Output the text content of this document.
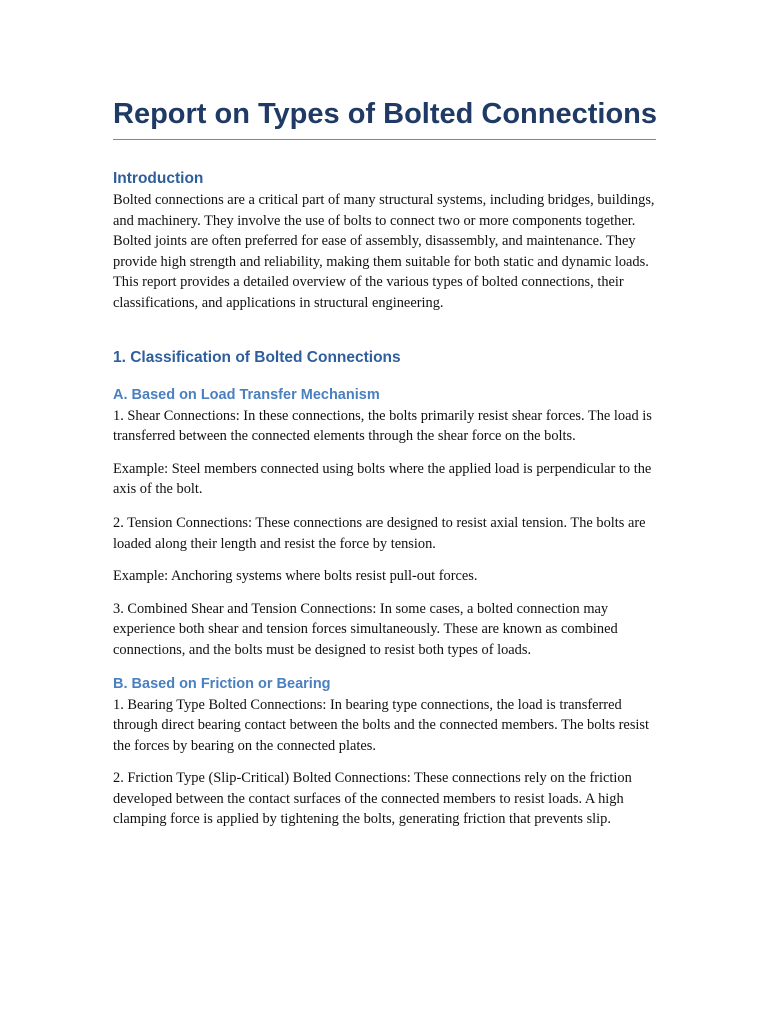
Report on Types of Bolted Connections
Introduction

Bolted connections are a critical part of many structural systems, including bridges, buildings, and machinery. They involve the use of bolts to connect two or more components together. Bolted joints are often preferred for ease of assembly, disassembly, and maintenance. They provide high strength and reliability, making them suitable for both static and dynamic loads. This report provides a detailed overview of the various types of bolted connections, their classifications, and applications in structural engineering.

1. Classification of Bolted Connections
A. Based on Load Transfer Mechanism

1. Shear Connections: In these connections, the bolts primarily resist shear forces. The load is transferred between the connected elements through the shear force on the bolts.

Example: Steel members connected using bolts where the applied load is perpendicular to the axis of the bolt.

2. Tension Connections: These connections are designed to resist axial tension. The bolts are loaded along their length and resist the force by tension.

Example: Anchoring systems where bolts resist pull-out forces.

3. Combined Shear and Tension Connections: In some cases, a bolted connection may experience both shear and tension forces simultaneously. These are known as combined connections, and the bolts must be designed to resist both types of loads.

B. Based on Friction or Bearing

1. Bearing Type Bolted Connections: In bearing type connections, the load is transferred through direct bearing contact between the bolts and the connected members. The bolts resist the forces by bearing on the connected plates.

2. Friction Type (Slip-Critical) Bolted Connections: These connections rely on the friction developed between the contact surfaces of the connected members to resist loads. A high clamping force is applied by tightening the bolts, generating friction that prevents slip.
